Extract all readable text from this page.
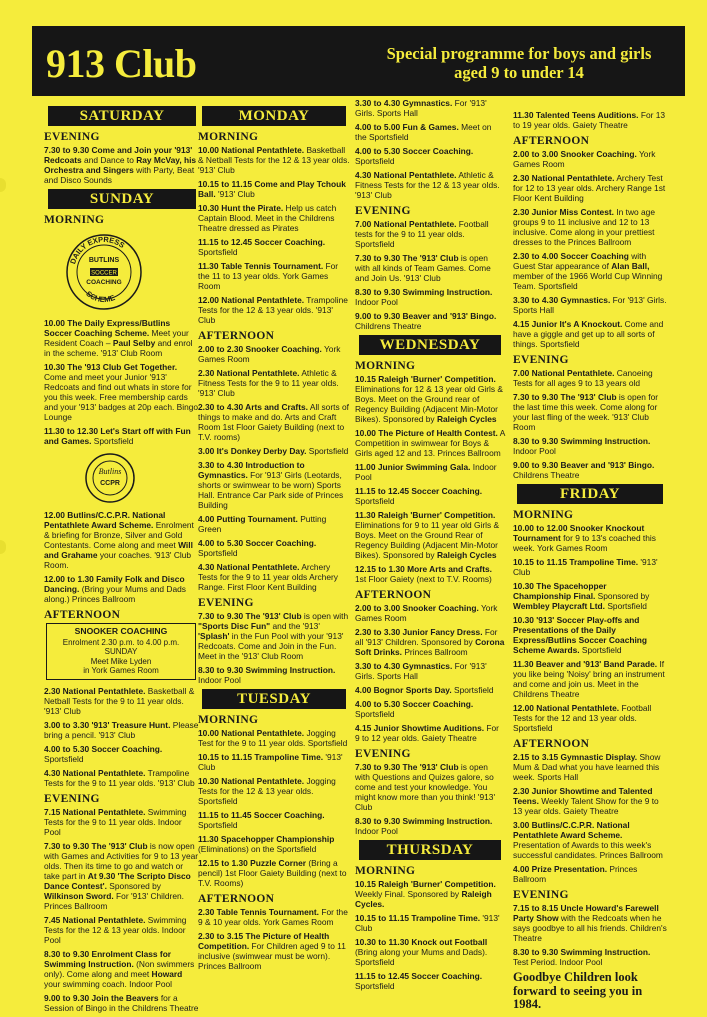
913 Club	Special programme for boys and girls
aged 9 to under 14
SATURDAY
EVENING
7.30 to 9.30 Come and Join your '913' Redcoats and Dance to Ray McVay, his Orchestra and Singers with Party, Beat and Disco Sounds
SUNDAY
MORNING
DAILY EXPRESS
BUTLINS
SOCCER
COACHING
SCHEME
10.00 The Daily Express/Butlins Soccer Coaching Scheme. Meet your Resident Coach – Paul Selby and enrol in the scheme. '913' Club Room
10.30 The '913 Club Get Together. Come and meet your Junior '913' Redcoats and find out whats in store for you this week. Free membership cards and your '913' badges at 20p each. Bingo Lounge
11.30 to 12.30 Let's Start off with Fun and Games. Sportsfield
Butlins
CCPR
12.00 Butlins/C.C.P.R. National Pentathlete Award Scheme. Enrolment & briefing for Bronze, Silver and Gold Contestants. Come along and meet Will and Grahame your coaches. '913' Club Room.
12.00 to 1.30 Family Folk and Disco Dancing. (Bring your Mums and Dads along.) Princes Ballroom
AFTERNOON
SNOOKER COACHING
Enrolment 2.30 p.m. to 4.00 p.m.
SUNDAY
Meet Mike Lyden
in York Games Room
2.30 National Pentathlete. Basketball & Netball Tests for the 9 to 11 year olds. '913' Club
3.00 to 3.30 '913' Treasure Hunt. Please bring a pencil. '913' Club
4.00 to 5.30 Soccer Coaching. Sportsfield
4.30 National Pentathlete. Trampoline Tests for the 9 to 11 year olds. '913' Club
EVENING
7.15 National Pentathlete. Swimming Tests for the 9 to 11 year olds. Indoor Pool
7.30 to 9.30 The '913' Club is now open with Games and Activities for 9 to 13 year olds. Then its time to go and watch or take part in At 9.30 'The Scripto Disco Dance Contest'. Sponsored by Wilkinson Sword. For '913' Children. Princes Ballroom
7.45 National Pentathlete. Swimming Tests for the 12 & 13 year olds. Indoor Pool
8.30 to 9.30 Enrolment Class for Swimming Instruction. (Non swimmers only). Come along and meet Howard your swimming coach. Indoor Pool
9.00 to 9.30 Join the Beavers for a Session of Bingo in the Childrens Theatre
MONDAY
MORNING
10.00 National Pentathlete. Basketball & Netball Tests for the 12 & 13 year olds. '913' Club
10.15 to 11.15 Come and Play Tchouk Ball. '913' Club
10.30 Hunt the Pirate. Help us catch Captain Blood. Meet in the Childrens Theatre dressed as Pirates
11.15 to 12.45 Soccer Coaching. Sportsfield
11.30 Table Tennis Tournament. For the 11 to 13 year olds. York Games Room
12.00 National Pentathlete. Trampoline Tests for the 12 & 13 year olds. '913' Club
AFTERNOON
2.00 to 2.30 Snooker Coaching. York Games Room
2.30 National Pentathlete. Athletic & Fitness Tests for the 9 to 11 year olds. '913' Club
2.30 to 4.30 Arts and Crafts. All sorts of things to make and do. Arts and Craft Room 1st Floor Gaiety Building (next to T.V. rooms)
3.00 It's Donkey Derby Day. Sportsfield
3.30 to 4.30 Introduction to Gymnastics. For '913' Girls (Leotards, shorts or swimwear to be worn) Sports Hall. Entrance Car Park side of Princes Building
4.00 Putting Tournament. Putting Green
4.00 to 5.30 Soccer Coaching. Sportsfield
4.30 National Pentathlete. Archery Tests for the 9 to 11 year olds Archery Range. First Floor Kent Building
EVENING
7.30 to 9.30 The '913' Club is open with "Sports Disc Fun" and the '913' 'Splash' in the Fun Pool with your '913' Redcoats. Come and Join in the Fun. Meet in the '913' Club Room
8.30 to 9.30 Swimming Instruction. Indoor Pool
TUESDAY
MORNING
10.00 National Pentathlete. Jogging Test for the 9 to 11 year olds. Sportsfield
10.15 to 11.15 Trampoline Time. '913' Club
10.30 National Pentathlete. Jogging Tests for the 12 & 13 year olds. Sportsfield
11.15 to 11.45 Soccer Coaching. Sportsfield
11.30 Spacehopper Championship (Eliminations) on the Sportsfield
12.15 to 1.30 Puzzle Corner (Bring a pencil) 1st Floor Gaiety Building (next to T.V. Rooms)
AFTERNOON
2.30 Table Tennis Tournament. For the 9 & 10 year olds. York Games Room
2.30 to 3.15 The Picture of Health Competition. For Children aged 9 to 11 inclusive (swimwear must be worn). Princes Ballroom
3.30 to 4.30 Gymnastics. For '913' Girls. Sports Hall
4.00 to 5.00 Fun & Games. Meet on the Sportsfield
4.00 to 5.30 Soccer Coaching. Sportsfield
4.30 National Pentathlete. Athletic & Fitness Tests for the 12 & 13 year olds. '913' Club
EVENING
7.00 National Pentathlete. Football tests for the 9 to 11 year olds. Sportsfield
7.30 to 9.30 The '913' Club is open with all kinds of Team Games. Come and Join Us. '913' Club
8.30 to 9.30 Swimming Instruction. Indoor Pool
9.00 to 9.30 Beaver and '913' Bingo. Childrens Theatre
WEDNESDAY
MORNING
10.15 Raleigh 'Burner' Competition. Eliminations for 12 & 13 year old Girls & Boys. Meet on the Ground rear of Regency Building (Adjacent Min-Motor Bikes). Sponsored by Raleigh Cycles
10.00 The Picture of Health Contest. A Competition in swimwear for Boys & Girls aged 12 and 13. Princes Ballroom
11.00 Junior Swimming Gala. Indoor Pool
11.15 to 12.45 Soccer Coaching. Sportsfield
11.30 Raleigh 'Burner' Competition. Eliminations for 9 to 11 year old Girls & Boys. Meet on the Ground Rear of Regency Building (Adjacent Min-Motor Bikes). Sponsored by Raleigh Cycles
12.15 to 1.30 More Arts and Crafts. 1st Floor Gaiety (next to T.V. Rooms)
AFTERNOON
2.00 to 3.00 Snooker Coaching. York Games Room
2.30 to 3.30 Junior Fancy Dress. For all '913' Children. Sponsored by Corona Soft Drinks. Princes Ballroom
3.30 to 4.30 Gymnastics. For '913' Girls. Sports Hall
4.00 Bognor Sports Day. Sportsfield
4.00 to 5.30 Soccer Coaching. Sportsfield
4.15 Junior Showtime Auditions. For 9 to 12 year olds. Gaiety Theatre
EVENING
7.30 to 9.30 The '913' Club is open with Questions and Quizes galore, so come and test your knowledge. You might know more than you think! '913' Club
8.30 to 9.30 Swimming Instruction. Indoor Pool
THURSDAY
MORNING
10.15 Raleigh 'Burner' Competition. Weekly Final. Sponsored by Raleigh Cycles.
10.15 to 11.15 Trampoline Time. '913' Club
10.30 to 11.30 Knock out Football (Bring along your Mums and Dads). Sportsfield
11.15 to 12.45 Soccer Coaching. Sportsfield
11.30 Talented Teens Auditions. For 13 to 19 year olds. Gaiety Theatre
AFTERNOON
2.00 to 3.00 Snooker Coaching. York Games Room
2.30 National Pentathlete. Archery Test for 12 to 13 year olds. Archery Range 1st Floor Kent Building
2.30 Junior Miss Contest. In two age groups 9 to 11 inclusive and 12 to 13 inclusive. Come along in your prettiest dresses to the Princes Ballroom
2.30 to 4.00 Soccer Coaching with Guest Star appearance of Alan Ball, member of the 1966 World Cup Winning Team. Sportsfield
3.30 to 4.30 Gymnastics. For '913' Girls. Sports Hall
4.15 Junior It's A Knockout. Come and have a giggle and get up to all sorts of things. Sportsfield
EVENING
7.00 National Pentathlete. Canoeing Tests for all ages 9 to 13 years old
7.30 to 9.30 The '913' Club is open for the last time this week. Come along for your last fling of the week. '913' Club Room
8.30 to 9.30 Swimming Instruction. Indoor Pool
9.00 to 9.30 Beaver and '913' Bingo. Childrens Theatre
FRIDAY
MORNING
10.00 to 12.00 Snooker Knockout Tournament for 9 to 13's coached this week. York Games Room
10.15 to 11.15 Trampoline Time. '913' Club
10.30 The Spacehopper Championship Final. Sponsored by Wembley Playcraft Ltd. Sportsfield
10.30 '913' Soccer Play-offs and Presentations of the Daily Express/Butlins Soccer Coaching Scheme Awards. Sportsfield
11.30 Beaver and '913' Band Parade. If you like being 'Noisy' bring an instrument and come and join us. Meet in the Childrens Theatre
12.00 National Pentathlete. Football Tests for the 12 and 13 year olds. Sportsfield
AFTERNOON
2.15 to 3.15 Gymnastic Display. Show Mum & Dad what you have learned this week. Sports Hall
2.30 Junior Showtime and Talented Teens. Weekly Talent Show for the 9 to 13 year olds. Gaiety Theatre
3.00 Butlins/C.C.P.R. National Pentathlete Award Scheme. Presentation of Awards to this week's successful candidates. Princes Ballroom
4.00 Prize Presentation. Princes Ballroom
EVENING
7.15 to 8.15 Uncle Howard's Farewell Party Show with the Redcoats when he says goodbye to all his friends. Children's Theatre
8.30 to 9.30 Swimming Instruction. Test Period. Indoor Pool
Goodbye Children look forward to seeing you in 1984.
